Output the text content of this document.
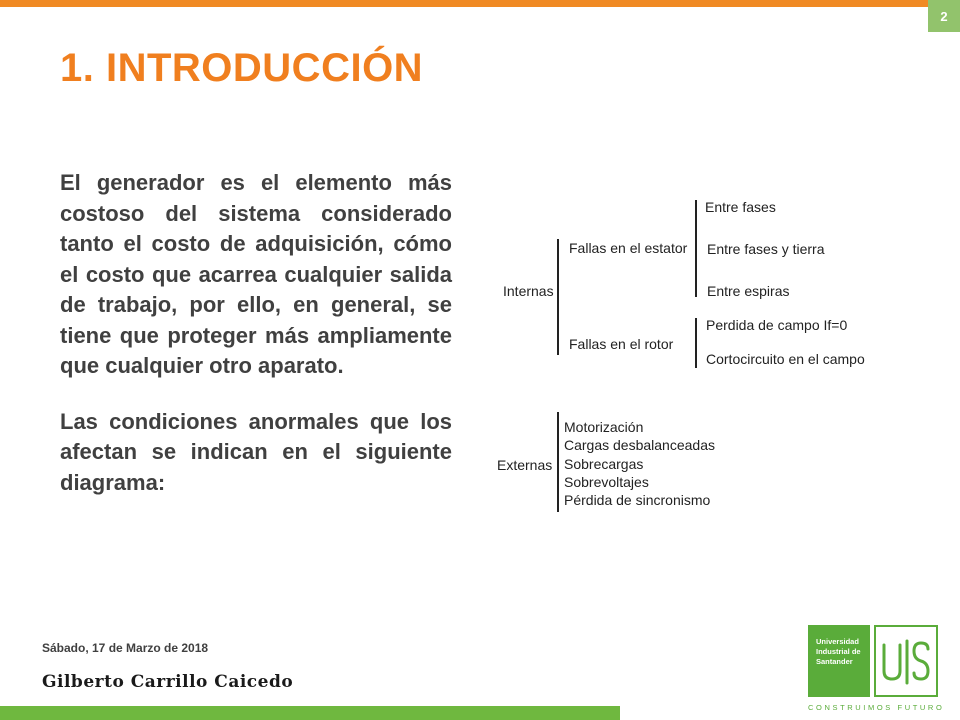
2
1. INTRODUCCIÓN

El generador es el elemento más costoso del sistema considerado tanto el costo de adquisición, cómo el costo que acarrea cualquier salida de trabajo, por ello, en general, se tiene que proteger más ampliamente que cualquier otro aparato.

Las condiciones anormales que los afectan se indican en el siguiente diagrama:

Internas
Fallas en el estator
Entre fases
Entre fases y tierra
Entre espiras
Fallas en el rotor
Perdida de campo If=0
Cortocircuito en el campo
Externas
Motorización
Cargas desbalanceadas
Sobrecargas
Sobrevoltajes
Pérdida de sincronismo
Sábado, 17 de Marzo de 2018
Gilberto Carrillo Caicedo
Universidad
Industrial de
Santander
CONSTRUIMOS FUTURO
